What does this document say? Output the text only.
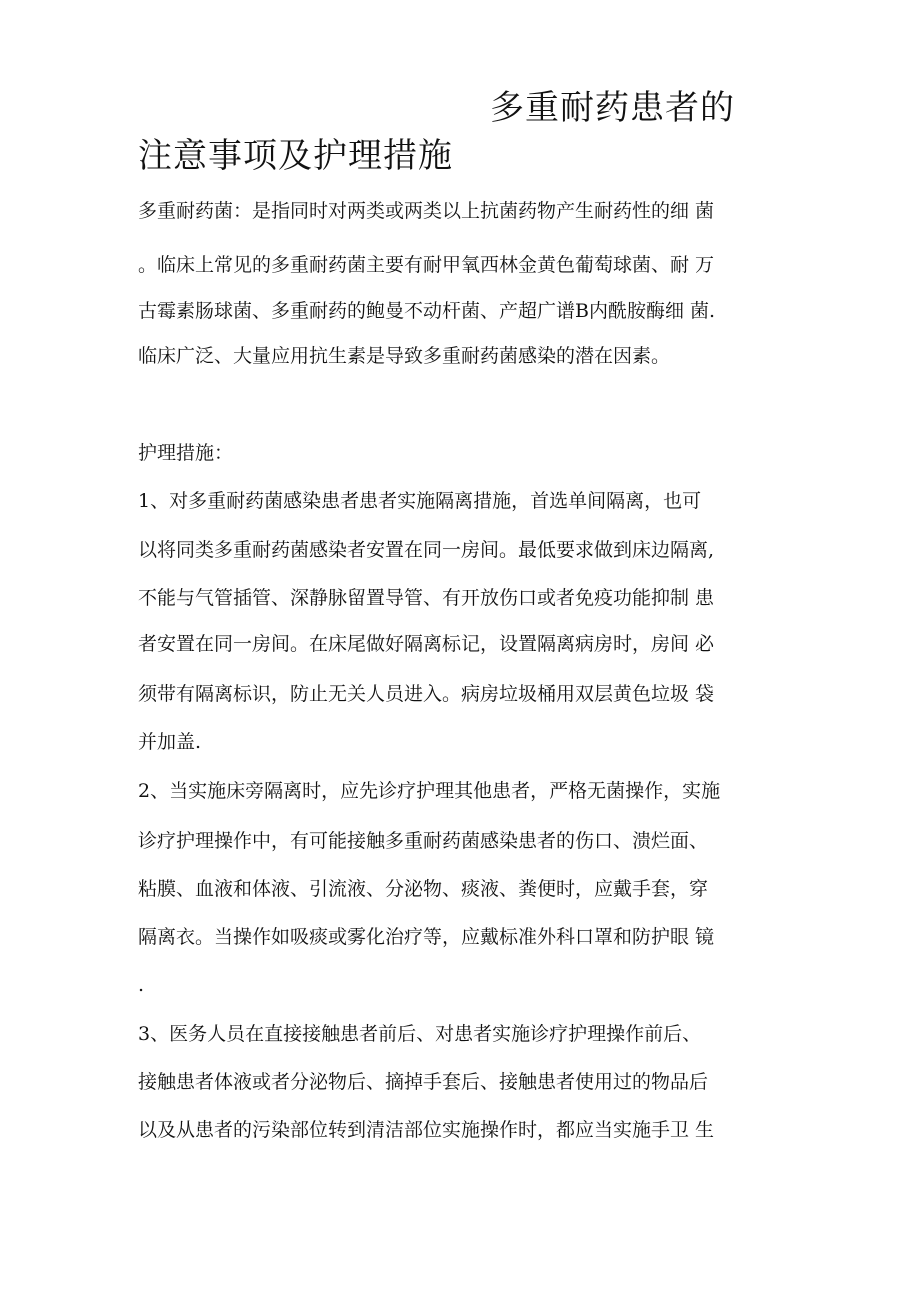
多重耐药患者的
注意事项及护理措施
多重耐药菌：是指同时对两类或两类以上抗菌药物产生耐药性的细 菌
。临床上常见的多重耐药菌主要有耐甲氧西林金黄色葡萄球菌、耐 万
古霉素肠球菌、多重耐药的鲍曼不动杆菌、产超广谱B内酰胺酶细 菌.
临床广泛、大量应用抗生素是导致多重耐药菌感染的潜在因素。
护理措施：
1、对多重耐药菌感染患者患者实施隔离措施，首选单间隔离，也可
以将同类多重耐药菌感染者安置在同一房间。最低要求做到床边隔离,
不能与气管插管、深静脉留置导管、有开放伤口或者免疫功能抑制 患
者安置在同一房间。在床尾做好隔离标记，设置隔离病房时，房间 必
须带有隔离标识，防止无关人员进入。病房垃圾桶用双层黄色垃圾 袋
并加盖.
2、当实施床旁隔离时，应先诊疗护理其他患者，严格无菌操作，实施
诊疗护理操作中，有可能接触多重耐药菌感染患者的伤口、溃烂面、
粘膜、血液和体液、引流液、分泌物、痰液、粪便时，应戴手套，穿
隔离衣。当操作如吸痰或雾化治疗等，应戴标准外科口罩和防护眼 镜
.
3、医务人员在直接接触患者前后、对患者实施诊疗护理操作前后、
接触患者体液或者分泌物后、摘掉手套后、接触患者使用过的物品后
以及从患者的污染部位转到清洁部位实施操作时，都应当实施手卫 生
